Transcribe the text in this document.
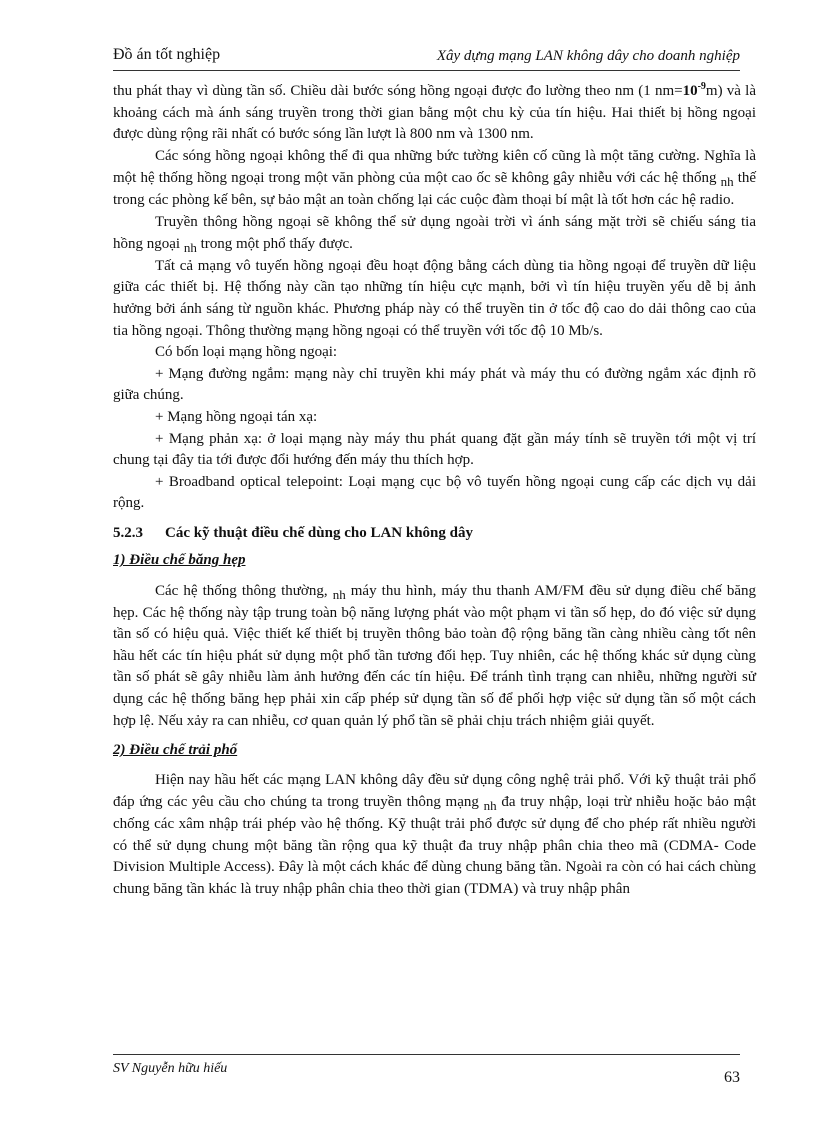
Đồ án tốt nghiệp	Xây dựng mạng LAN không dây cho doanh nghiệp

thu phát thay vì dùng tần số. Chiều dài bước sóng hồng ngoại được đo lường theo nm (1 $nm=10^{-9}m$) và là khoảng cách mà ánh sáng truyền trong thời gian bằng một chu kỳ của tín hiệu. Hai thiết bị hồng ngoại được dùng rộng rãi nhất có bước sóng lần lượt là 800 nm và 1300 nm.

Các sóng hồng ngoại không thể đi qua những bức tường kiên cố cũng là một tăng cường. Nghĩa là một hệ thống hồng ngoại trong một văn phòng của một cao ốc sẽ không gây nhiễu với các hệ thống nh thế trong các phòng kế bên, sự bảo mật an toàn chống lại các cuộc đàm thoại bí mật là tốt hơn các hệ radio.

Truyền thông hồng ngoại sẽ không thể sử dụng ngoài trời vì ánh sáng mặt trời sẽ chiếu sáng tia hồng ngoại nh trong một phổ thấy được.

Tất cả mạng vô tuyến hồng ngoại đều hoạt động bằng cách dùng tia hồng ngoại để truyền dữ liệu giữa các thiết bị. Hệ thống này cần tạo những tín hiệu cực mạnh, bởi vì tín hiệu truyền yếu dễ bị ảnh hưởng bởi ánh sáng từ nguồn khác. Phương pháp này có thể truyền tin ở tốc độ cao do dải thông cao của tia hồng ngoại. Thông thường mạng hồng ngoại có thể truyền với tốc độ 10 Mb/s.

Có bốn loại mạng hồng ngoại:

+ Mạng đường ngắm: mạng này chỉ truyền khi máy phát và máy thu có đường ngắm xác định rõ giữa chúng.

+ Mạng hồng ngoại tán xạ:

+ Mạng phản xạ: ở loại mạng này máy thu phát quang đặt gần máy tính sẽ truyền tới một vị trí chung tại đây tia tới được đổi hướng đến máy thu thích hợp.

+ Broadband optical telepoint: Loại mạng cục bộ vô tuyến hồng ngoại cung cấp các dịch vụ dải rộng.

5.2.3 Các kỹ thuật điều chế dùng cho LAN không dây

1) Điều chế băng hẹp

Các hệ thống thông thường, nh máy thu hình, máy thu thanh AM/FM đều sử dụng điều chế băng hẹp. Các hệ thống này tập trung toàn bộ năng lượng phát vào một phạm vi tần số hẹp, do đó việc sử dụng tần số có hiệu quả. Việc thiết kế thiết bị truyền thông bảo toàn độ rộng băng tần càng nhiều càng tốt nên hầu hết các tín hiệu phát sử dụng một phổ tần tương đối hẹp. Tuy nhiên, các hệ thống khác sử dụng cùng tần số phát sẽ gây nhiễu làm ảnh hưởng đến các tín hiệu. Để tránh tình trạng can nhiễu, những người sử dụng các hệ thống băng hẹp phải xin cấp phép sử dụng tần số để phối hợp việc sử dụng tần số một cách hợp lệ. Nếu xảy ra can nhiễu, cơ quan quản lý phổ tần sẽ phải chịu trách nhiệm giải quyết.

2) Điều chế trải phổ

Hiện nay hầu hết các mạng LAN không dây đều sử dụng công nghệ trải phổ. Với kỹ thuật trải phổ đáp ứng các yêu cầu cho chúng ta trong truyền thông mạng nh đa truy nhập, loại trừ nhiễu hoặc bảo mật chống các xâm nhập trái phép vào hệ thống. Kỹ thuật trải phổ được sử dụng để cho phép rất nhiều người có thể sử dụng chung một băng tần rộng qua kỹ thuật đa truy nhập phân chia theo mã (CDMA- Code Division Multiple Access). Đây là một cách khác để dùng chung băng tần. Ngoài ra còn có hai cách chùng chung băng tần khác là truy nhập phân chia theo thời gian (TDMA) và truy nhập phân

SV Nguyễn hữu hiếu
63
